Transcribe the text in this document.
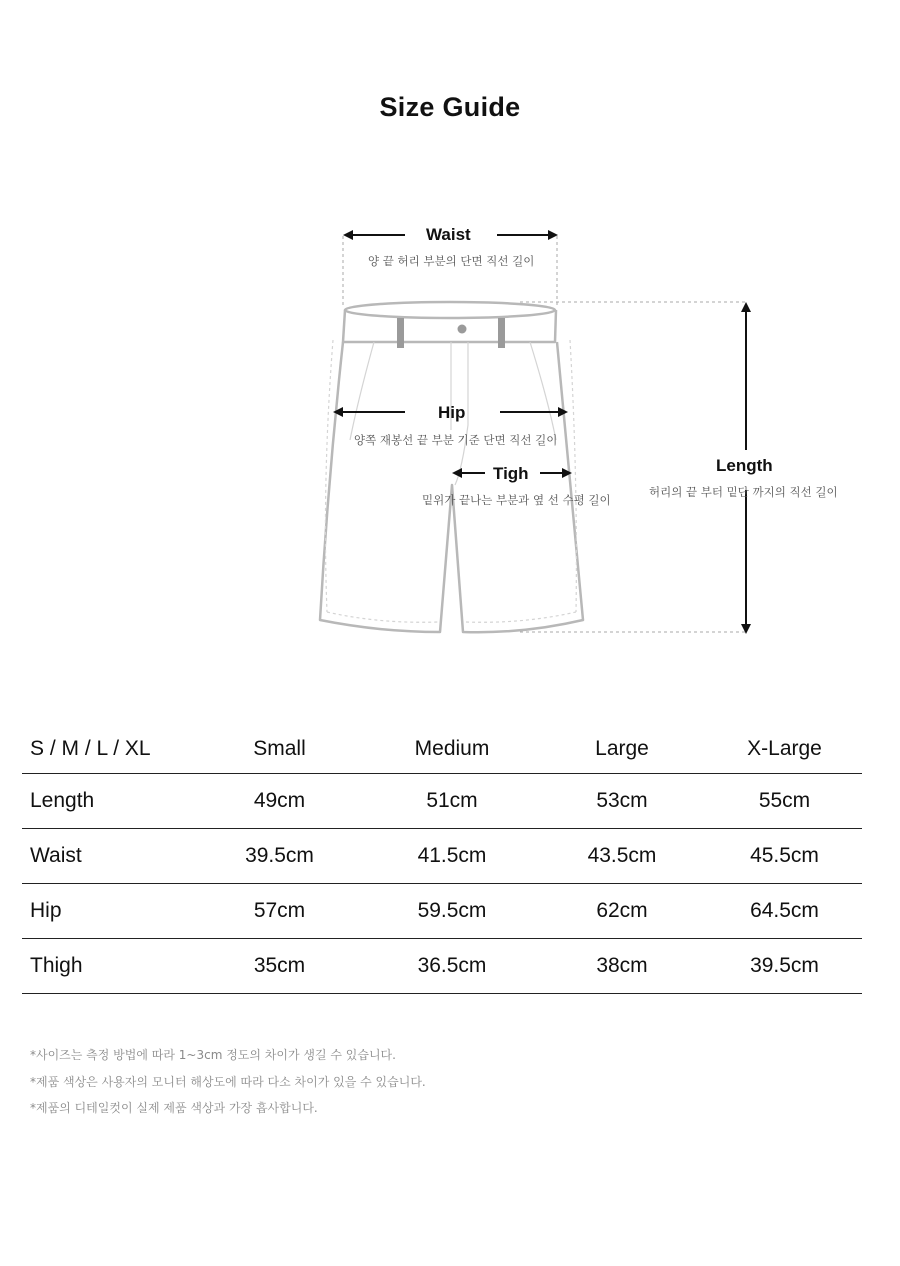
Size Guide
Waist
양 끝 허리 부분의 단면 직선 길이
Hip
양쪽 재봉선 끝 부분 기준 단면 직선 길이
Tigh
밑위가 끝나는 부분과 옆 선 수평 길이
Length
허리의 끝 부터 밑단 까지의 직선 길이
S / M / L / XL	Small	Medium	Large	X-Large
Length	49cm	51cm	53cm	55cm
Waist	39.5cm	41.5cm	43.5cm	45.5cm
Hip	57cm	59.5cm	62cm	64.5cm
Thigh	35cm	36.5cm	38cm	39.5cm
*사이즈는 측정 방법에 따라 1~3cm 정도의 차이가 생길 수 있습니다.
*제품 색상은 사용자의 모니터 해상도에 따라 다소 차이가 있을 수 있습니다.
*제품의 디테일컷이 실제 제품 색상과 가장 흡사합니다.
